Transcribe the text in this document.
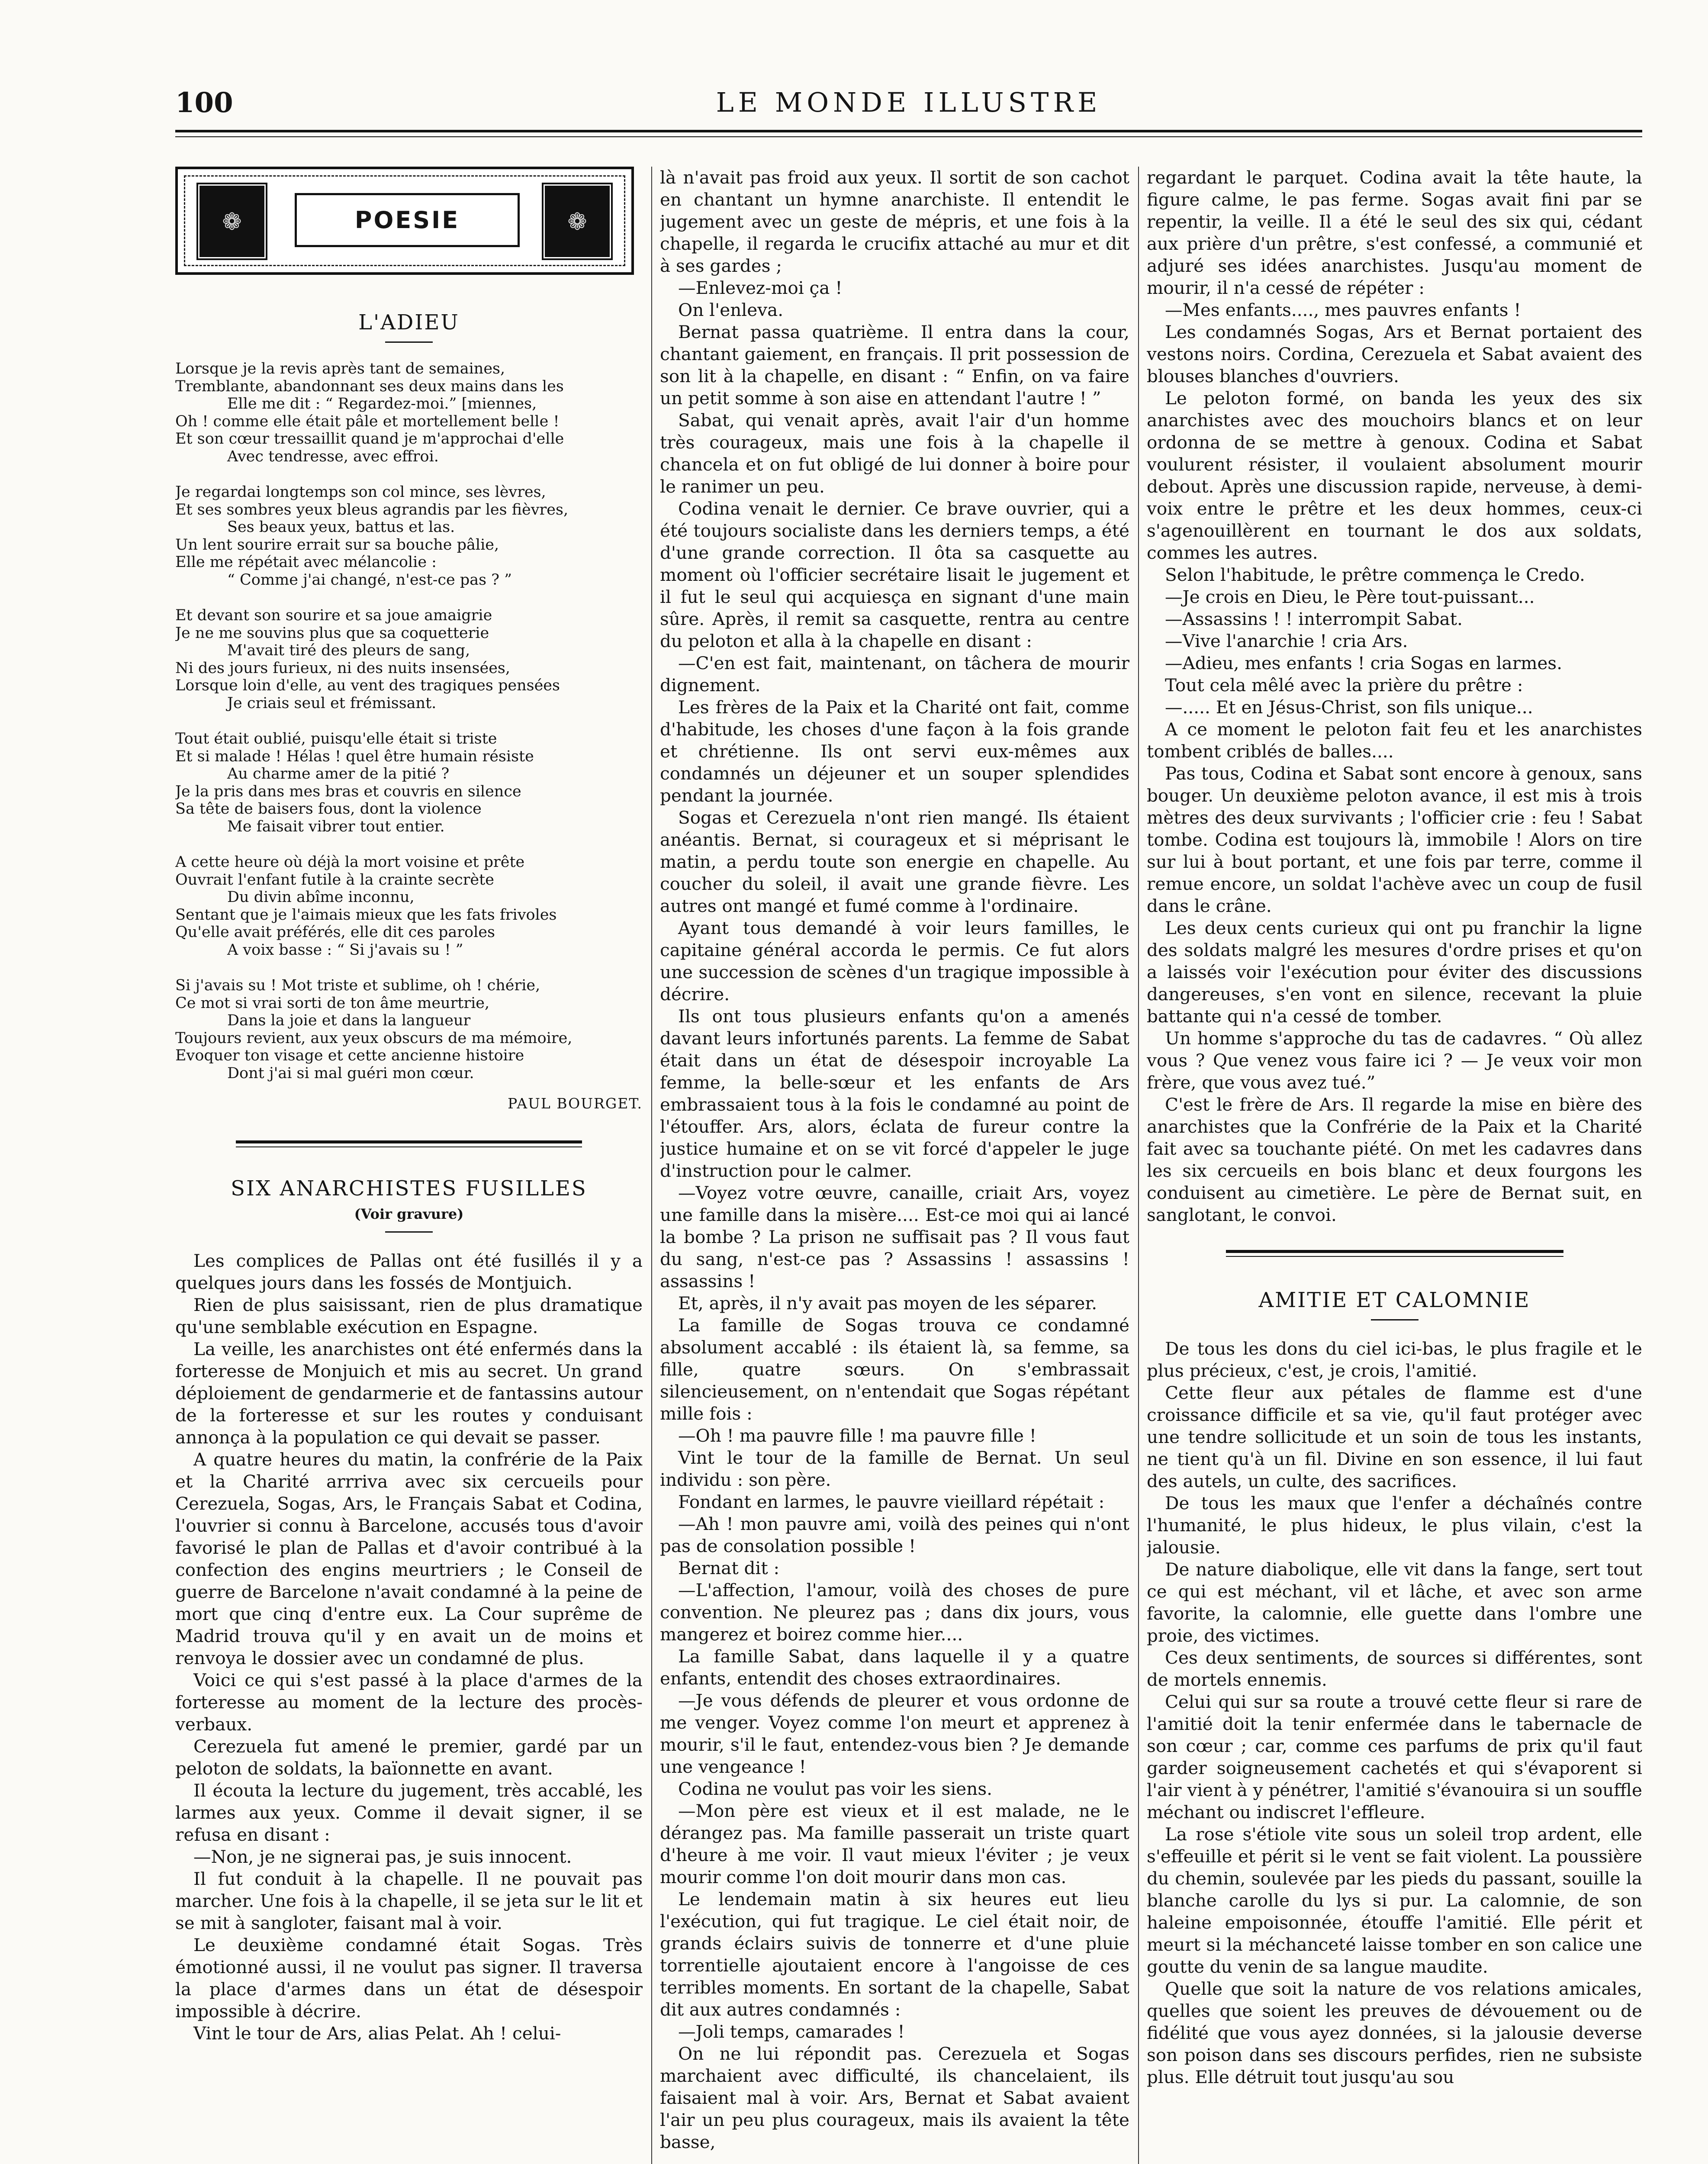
LE MONDE ILLUSTRE
100
❁	POESIE	❁
L'ADIEU
Lorsque je la revis après tant de semaines,
Tremblante, abandonnant ses deux mains dans les
Elle me dit : “ Regardez-moi.” [miennes,
Oh ! comme elle était pâle et mortellement belle !
Et son cœur tressaillit quand je m'approchai d'elle
Avec tendresse, avec effroi.
Je regardai longtemps son col mince, ses lèvres,
Et ses sombres yeux bleus agrandis par les fièvres,
Ses beaux yeux, battus et las.
Un lent sourire errait sur sa bouche pâlie,
Elle me répétait avec mélancolie :
“ Comme j'ai changé, n'est-ce pas ? ”
Et devant son sourire et sa joue amaigrie
Je ne me souvins plus que sa coquetterie
M'avait tiré des pleurs de sang,
Ni des jours furieux, ni des nuits insensées,
Lorsque loin d'elle, au vent des tragiques pensées
Je criais seul et frémissant.
Tout était oublié, puisqu'elle était si triste
Et si malade ! Hélas ! quel être humain résiste
Au charme amer de la pitié ?
Je la pris dans mes bras et couvris en silence
Sa tête de baisers fous, dont la violence
Me faisait vibrer tout entier.
A cette heure où déjà la mort voisine et prête
Ouvrait l'enfant futile à la crainte secrète
Du divin abîme inconnu,
Sentant que je l'aimais mieux que les fats frivoles
Qu'elle avait préférés, elle dit ces paroles
A voix basse : “ Si j'avais su ! ”
Si j'avais su ! Mot triste et sublime, oh ! chérie,
Ce mot si vrai sorti de ton âme meurtrie,
Dans la joie et dans la langueur
Toujours revient, aux yeux obscurs de ma mémoire,
Evoquer ton visage et cette ancienne histoire
Dont j'ai si mal guéri mon cœur.
PAUL BOURGET.
SIX ANARCHISTES FUSILLES
(Voir gravure)

Les complices de Pallas ont été fusillés il y a quelques jours dans les fossés de Montjuich.

Rien de plus saisissant, rien de plus dramatique qu'une semblable exécution en Espagne.

La veille, les anarchistes ont été enfermés dans la forteresse de Monjuich et mis au secret. Un grand déploiement de gendarmerie et de fantassins autour de la forteresse et sur les routes y conduisant annonça à la population ce qui devait se passer.

A quatre heures du matin, la confrérie de la Paix et la Charité arrriva avec six cercueils pour Cerezuela, Sogas, Ars, le Français Sabat et Codina, l'ouvrier si connu à Barcelone, accusés tous d'avoir favorisé le plan de Pallas et d'avoir contribué à la confection des engins meurtriers ; le Conseil de guerre de Barcelone n'avait condamné à la peine de mort que cinq d'entre eux. La Cour suprême de Madrid trouva qu'il y en avait un de moins et renvoya le dossier avec un condamné de plus.

Voici ce qui s'est passé à la place d'armes de la forteresse au moment de la lecture des procès-verbaux.

Cerezuela fut amené le premier, gardé par un peloton de soldats, la baïonnette en avant.

Il écouta la lecture du jugement, très accablé, les larmes aux yeux. Comme il devait signer, il se refusa en disant :

—Non, je ne signerai pas, je suis innocent.

Il fut conduit à la chapelle. Il ne pouvait pas marcher. Une fois à la chapelle, il se jeta sur le lit et se mit à sangloter, faisant mal à voir.

Le deuxième condamné était Sogas. Très émotionné aussi, il ne voulut pas signer. Il traversa la place d'armes dans un état de désespoir impossible à décrire.

Vint le tour de Ars, alias Pelat. Ah ! celui-

là n'avait pas froid aux yeux. Il sortit de son cachot en chantant un hymne anarchiste. Il entendit le jugement avec un geste de mépris, et une fois à la chapelle, il regarda le crucifix attaché au mur et dit à ses gardes ;

—Enlevez-moi ça !

On l'enleva.

Bernat passa quatrième. Il entra dans la cour, chantant gaiement, en français. Il prit possession de son lit à la chapelle, en disant : “ Enfin, on va faire un petit somme à son aise en attendant l'autre ! ”

Sabat, qui venait après, avait l'air d'un homme très courageux, mais une fois à la chapelle il chancela et on fut obligé de lui donner à boire pour le ranimer un peu.

Codina venait le dernier. Ce brave ouvrier, qui a été toujours socialiste dans les derniers temps, a été d'une grande correction. Il ôta sa casquette au moment où l'officier secrétaire lisait le jugement et il fut le seul qui acquiesça en signant d'une main sûre. Après, il remit sa casquette, rentra au centre du peloton et alla à la chapelle en disant :

—C'en est fait, maintenant, on tâchera de mourir dignement.

Les frères de la Paix et la Charité ont fait, comme d'habitude, les choses d'une façon à la fois grande et chrétienne. Ils ont servi eux-mêmes aux condamnés un déjeuner et un souper splendides pendant la journée.

Sogas et Cerezuela n'ont rien mangé. Ils étaient anéantis. Bernat, si courageux et si méprisant le matin, a perdu toute son energie en chapelle. Au coucher du soleil, il avait une grande fièvre. Les autres ont mangé et fumé comme à l'ordinaire.

Ayant tous demandé à voir leurs familles, le capitaine général accorda le permis. Ce fut alors une succession de scènes d'un tragique impossible à décrire.

Ils ont tous plusieurs enfants qu'on a amenés davant leurs infortunés parents. La femme de Sabat était dans un état de désespoir incroyable La femme, la belle-sœur et les enfants de Ars embrassaient tous à la fois le condamné au point de l'étouffer. Ars, alors, éclata de fureur contre la justice humaine et on se vit forcé d'appeler le juge d'instruction pour le calmer.

—Voyez votre œuvre, canaille, criait Ars, voyez une famille dans la misère.... Est-ce moi qui ai lancé la bombe ? La prison ne suffisait pas ? Il vous faut du sang, n'est-ce pas ? Assassins ! assassins ! assassins !

Et, après, il n'y avait pas moyen de les séparer.

La famille de Sogas trouva ce condamné absolument accablé : ils étaient là, sa femme, sa fille, quatre sœurs. On s'embrassait silencieusement, on n'entendait que Sogas répétant mille fois :

—Oh ! ma pauvre fille ! ma pauvre fille !

Vint le tour de la famille de Bernat. Un seul individu : son père.

Fondant en larmes, le pauvre vieillard répétait :

—Ah ! mon pauvre ami, voilà des peines qui n'ont pas de consolation possible !

Bernat dit :

—L'affection, l'amour, voilà des choses de pure convention. Ne pleurez pas ; dans dix jours, vous mangerez et boirez comme hier....

La famille Sabat, dans laquelle il y a quatre enfants, entendit des choses extraordinaires.

—Je vous défends de pleurer et vous ordonne de me venger. Voyez comme l'on meurt et apprenez à mourir, s'il le faut, entendez-vous bien ? Je demande une vengeance !

Codina ne voulut pas voir les siens.

—Mon père est vieux et il est malade, ne le dérangez pas. Ma famille passerait un triste quart d'heure à me voir. Il vaut mieux l'éviter ; je veux mourir comme l'on doit mourir dans mon cas.

Le lendemain matin à six heures eut lieu l'exécution, qui fut tragique. Le ciel était noir, de grands éclairs suivis de tonnerre et d'une pluie torrentielle ajoutaient encore à l'angoisse de ces terribles moments. En sortant de la chapelle, Sabat dit aux autres condamnés :

—Joli temps, camarades !

On ne lui répondit pas. Cerezuela et Sogas marchaient avec difficulté, ils chancelaient, ils faisaient mal à voir. Ars, Bernat et Sabat avaient l'air un peu plus courageux, mais ils avaient la tête basse,

regardant le parquet. Codina avait la tête haute, la figure calme, le pas ferme. Sogas avait fini par se repentir, la veille. Il a été le seul des six qui, cédant aux prière d'un prêtre, s'est confessé, a communié et adjuré ses idées anarchistes. Jusqu'au moment de mourir, il n'a cessé de répéter :

—Mes enfants...., mes pauvres enfants !

Les condamnés Sogas, Ars et Bernat portaient des vestons noirs. Cordina, Cerezuela et Sabat avaient des blouses blanches d'ouvriers.

Le peloton formé, on banda les yeux des six anarchistes avec des mouchoirs blancs et on leur ordonna de se mettre à genoux. Codina et Sabat voulurent résister, il voulaient absolument mourir debout. Après une discussion rapide, nerveuse, à demi-voix entre le prêtre et les deux hommes, ceux-ci s'agenouillèrent en tournant le dos aux soldats, commes les autres.

Selon l'habitude, le prêtre commença le Credo.

—Je crois en Dieu, le Père tout-puissant...

—Assassins ! ! interrompit Sabat.

—Vive l'anarchie ! cria Ars.

—Adieu, mes enfants ! cria Sogas en larmes.

Tout cela mêlé avec la prière du prêtre :

—..... Et en Jésus-Christ, son fils unique...

A ce moment le peloton fait feu et les anarchistes tombent criblés de balles....

Pas tous, Codina et Sabat sont encore à genoux, sans bouger. Un deuxième peloton avance, il est mis à trois mètres des deux survivants ; l'officier crie : feu ! Sabat tombe. Codina est toujours là, immobile ! Alors on tire sur lui à bout portant, et une fois par terre, comme il remue encore, un soldat l'achève avec un coup de fusil dans le crâne.

Les deux cents curieux qui ont pu franchir la ligne des soldats malgré les mesures d'ordre prises et qu'on a laissés voir l'exécution pour éviter des discussions dangereuses, s'en vont en silence, recevant la pluie battante qui n'a cessé de tomber.

Un homme s'approche du tas de cadavres. “ Où allez vous ? Que venez vous faire ici ? — Je veux voir mon frère, que vous avez tué.”

C'est le frère de Ars. Il regarde la mise en bière des anarchistes que la Confrérie de la Paix et la Charité fait avec sa touchante piété. On met les cadavres dans les six cercueils en bois blanc et deux fourgons les conduisent au cimetière. Le père de Bernat suit, en sanglotant, le convoi.

AMITIE ET CALOMNIE

De tous les dons du ciel ici-bas, le plus fragile et le plus précieux, c'est, je crois, l'amitié.

Cette fleur aux pétales de flamme est d'une croissance difficile et sa vie, qu'il faut protéger avec une tendre sollicitude et un soin de tous les instants, ne tient qu'à un fil. Divine en son essence, il lui faut des autels, un culte, des sacrifices.

De tous les maux que l'enfer a déchaînés contre l'humanité, le plus hideux, le plus vilain, c'est la jalousie.

De nature diabolique, elle vit dans la fange, sert tout ce qui est méchant, vil et lâche, et avec son arme favorite, la calomnie, elle guette dans l'ombre une proie, des victimes.

Ces deux sentiments, de sources si différentes, sont de mortels ennemis.

Celui qui sur sa route a trouvé cette fleur si rare de l'amitié doit la tenir enfermée dans le tabernacle de son cœur ; car, comme ces parfums de prix qu'il faut garder soigneusement cachetés et qui s'évaporent si l'air vient à y pénétrer, l'amitié s'évanouira si un souffle méchant ou indiscret l'effleure.

La rose s'étiole vite sous un soleil trop ardent, elle s'effeuille et périt si le vent se fait violent. La poussière du chemin, soulevée par les pieds du passant, souille la blanche carolle du lys si pur. La calomnie, de son haleine empoisonnée, étouffe l'amitié. Elle périt et meurt si la méchanceté laisse tomber en son calice une goutte du venin de sa langue maudite.

Quelle que soit la nature de vos relations amicales, quelles que soient les preuves de dévouement ou de fidélité que vous ayez données, si la jalousie deverse son poison dans ses discours perfides, rien ne subsiste plus. Elle détruit tout jusqu'au sou
